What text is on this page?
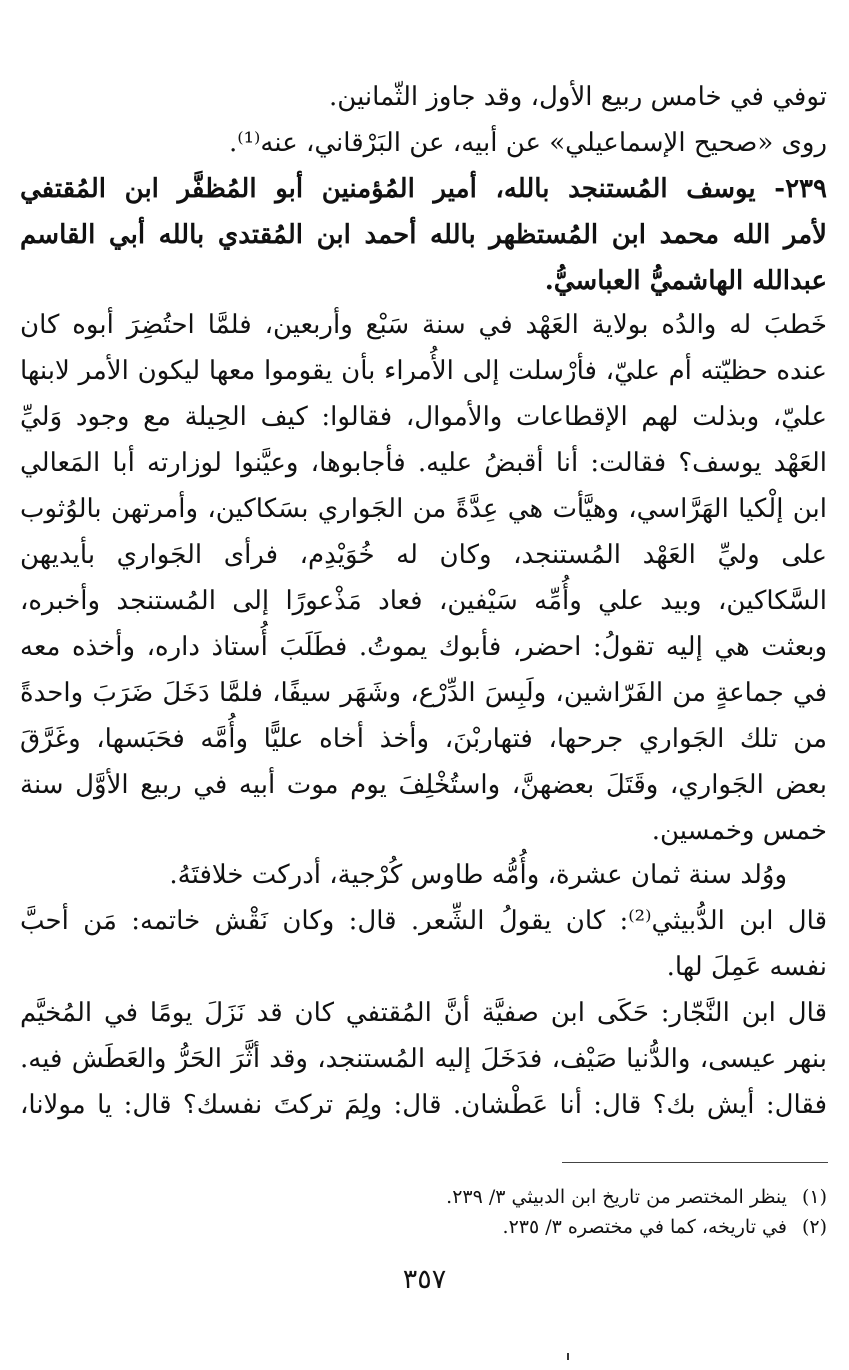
توفي في خامس ربيع الأول، وقد جاوز الثّمانين.
روى «صحيح الإسماعيلي» عن أبيه، عن البَرْقاني، عنه⁽¹⁾.
٢٣٩- يوسف المُستنجد بالله، أمير المُؤمنين أبو المُظفَّر ابن المُقتفي
لأمر الله محمد ابن المُستظهر بالله أحمد ابن المُقتدي بالله أبي القاسم
عبدالله الهاشميُّ العباسيُّ.
خَطبَ له والدُه بولاية العَهْد في سنة سَبْع وأربعين، فلمَّا احتُضِرَ أبوه كان
عنده حظيّته أم عليّ، فأرْسلت إلى الأُمراء بأن يقوموا معها ليكون الأمر لابنها
عليّ، وبذلت لهم الإقطاعات والأموال، فقالوا: كيف الحِيلة مع وجود وَليِّ
العَهْد يوسف؟ فقالت: أنا أقبضُ عليه. فأجابوها، وعيَّنوا لوزارته أبا المَعالي
ابن إلْكيا الهَرَّاسي، وهيَّأت هي عِدَّةً من الجَواري بسَكاكين، وأمرتهن بالوُثوب
على وليِّ العَهْد المُستنجد، وكان له خُوَيْدِم، فرأى الجَواري بأيديهن
السَّكاكين، وبيد علي وأُمِّه سَيْفين، فعاد مَذْعورًا إلى المُستنجد وأخبره،
وبعثت هي إليه تقولُ: احضر، فأبوك يموتُ. فطَلَبَ أُستاذ داره، وأخذه معه
في جماعةٍ من الفَرّاشين، ولَبِسَ الدِّرْع، وشَهَر سيفًا، فلمَّا دَخَلَ ضَرَبَ واحدةً
من تلك الجَواري جرحها، فتهاربْنَ، وأخذ أخاه عليًّا وأُمَّه فحَبَسها، وغَرَّقَ
بعض الجَواري، وقَتَلَ بعضهنَّ، واستُخْلِفَ يوم موت أبيه في ربيع الأوَّل سنة
خمس وخمسين.
ووُلد سنة ثمان عشرة، وأُمُّه طاوس كُرْجية، أدركت خلافتَهُ.
قال ابن الدُّبيثي⁽²⁾: كان يقولُ الشِّعر. قال: وكان نَقْش خاتمه: مَن أحبَّ
نفسه عَمِلَ لها.
قال ابن النَّجّار: حَكَى ابن صفيَّة أنَّ المُقتفي كان قد نَزَلَ يومًا في المُخيَّم
بنهر عيسى، والدُّنيا صَيْف، فدَخَلَ إليه المُستنجد، وقد أثَّرَ الحَرُّ والعَطَش فيه.
فقال: أيش بك؟ قال: أنا عَطْشان. قال: ولِمَ تركتَ نفسك؟ قال: يا مولانا،
(١) ينظر المختصر من تاريخ ابن الدبيثي ٣/ ٢٣٩.
(٢) في تاريخه، كما في مختصره ٣/ ٢٣٥.
٣٥٧
